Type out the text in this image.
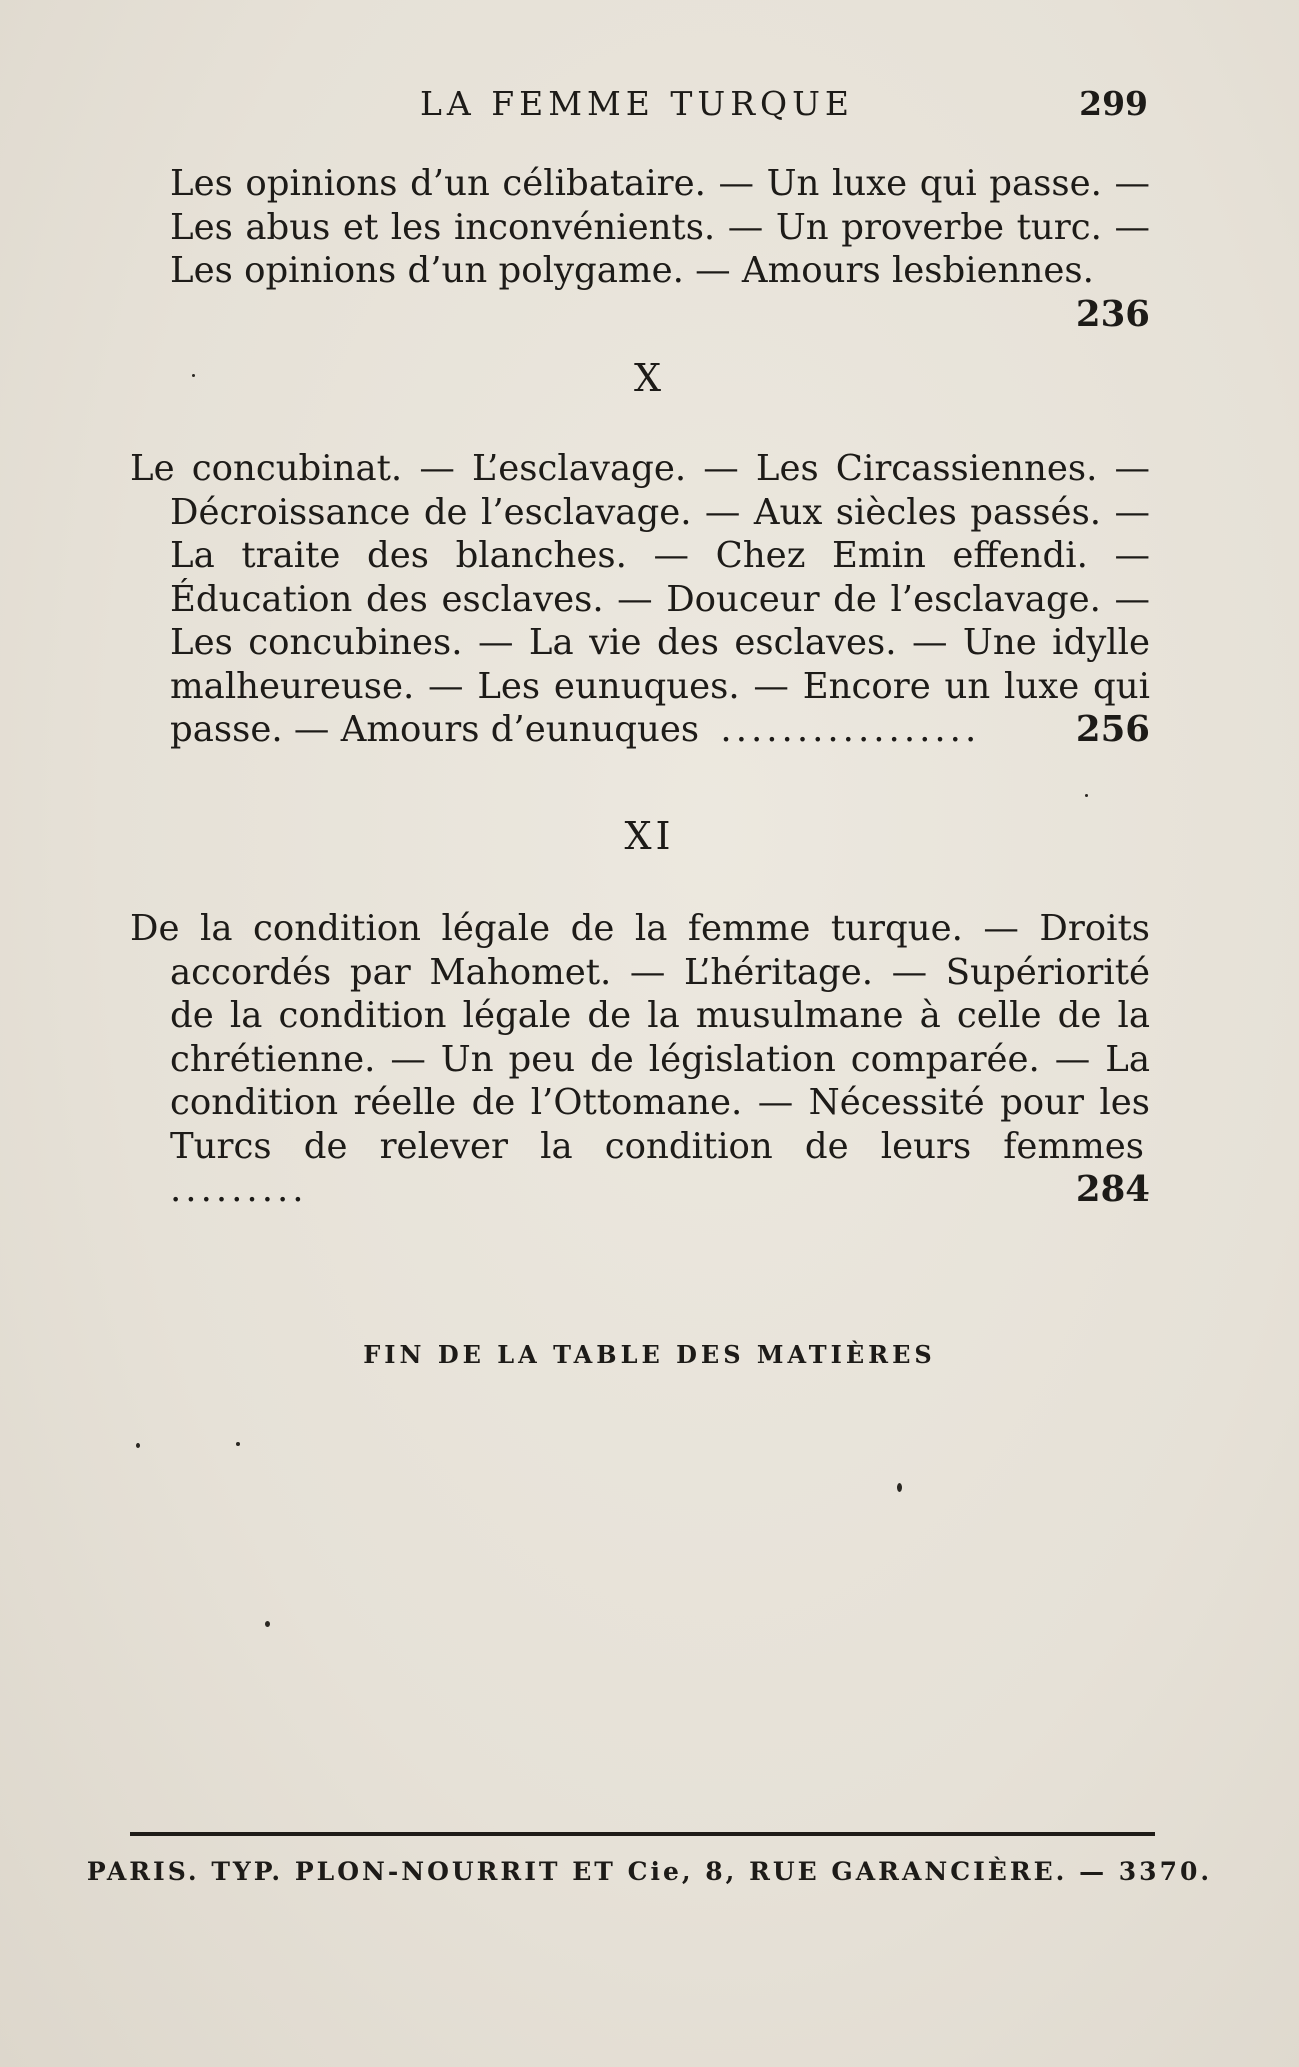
LA FEMME TURQUE	299
Les opinions d’un célibataire. — Un luxe qui passe. — Les abus et les inconvénients. — Un proverbe turc. — Les opinions d’un polygame. — Amours lesbiennes.
236
X
Le concubinat. — L’esclavage. — Les Circassiennes. — Décroissance de l’esclavage. — Aux siècles passés. — La traite des blanches. — Chez Emin effendi. — Éducation des esclaves. — Douceur de l’esclavage. — Les concubines. — La vie des esclaves. — Une idylle malheureuse. — Les eunuques. — Encore un luxe qui passe. — Amours d’eunuques .................	256
XI
De la condition légale de la femme turque. — Droits accordés par Mahomet. — L’héritage. — Supériorité de la condition légale de la musulmane à celle de la chrétienne. — Un peu de législation comparée. — La condition réelle de l’Ottomane. — Nécessité pour les Turcs de relever la condition de leurs femmes .........	284
FIN DE LA TABLE DES MATIÈRES
PARIS. TYP. PLON-NOURRIT ET Cie, 8, RUE GARANCIÈRE. — 3370.
